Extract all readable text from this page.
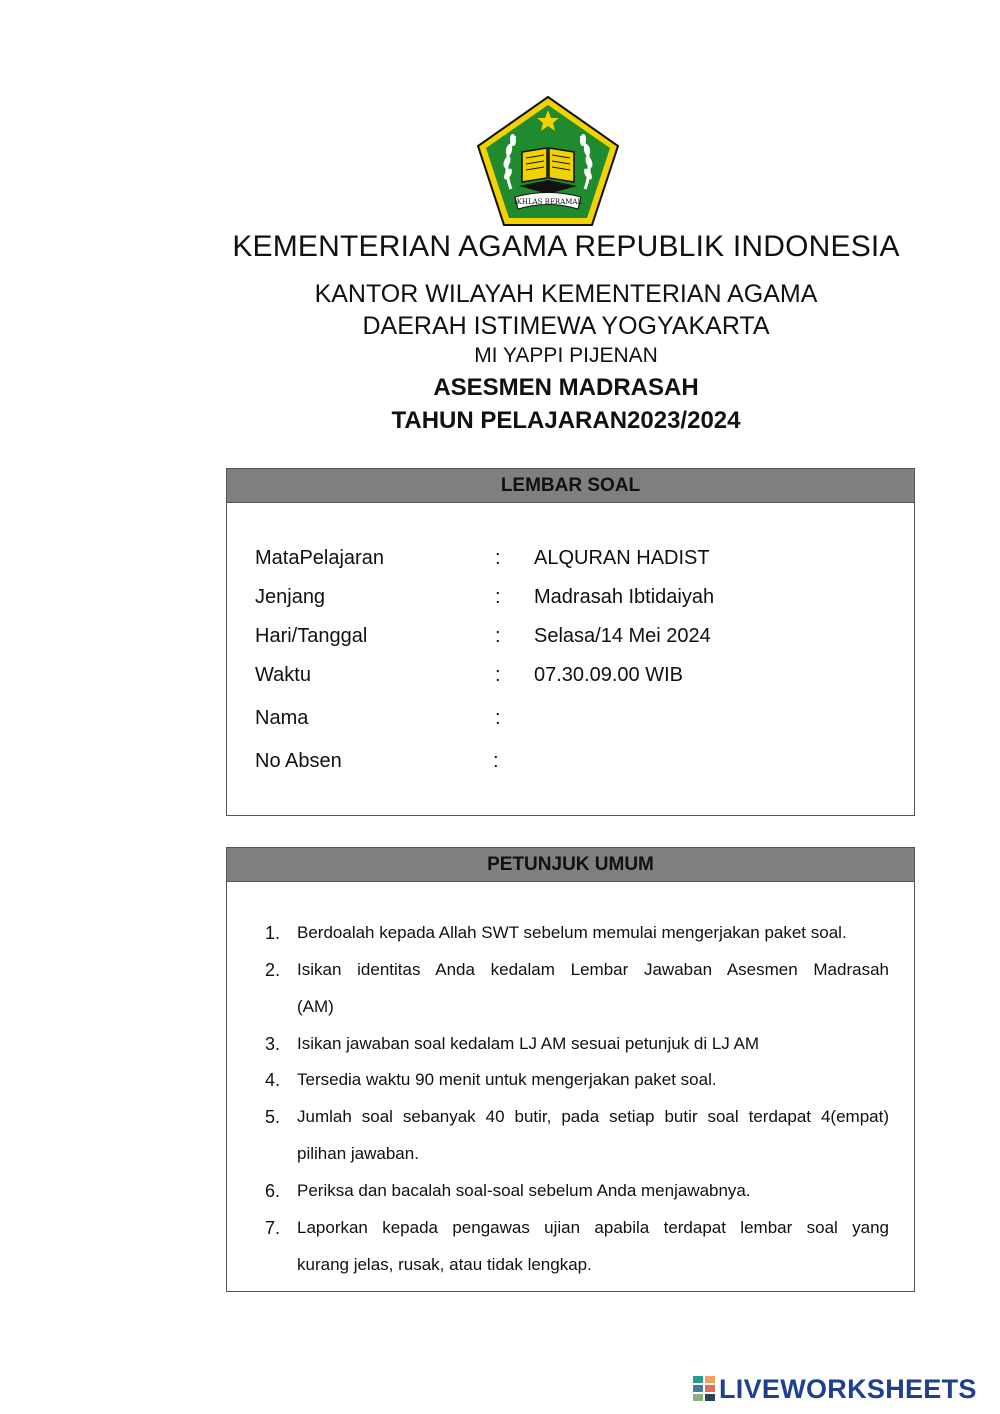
IKHLAS BERAMAL
KEMENTERIAN AGAMA REPUBLIK INDONESIA
KANTOR WILAYAH KEMENTERIAN AGAMA
DAERAH ISTIMEWA YOGYAKARTA
MI YAPPI PIJENAN
ASESMEN MADRASAH
TAHUN PELAJARAN2023/2024
LEMBAR SOAL
MataPelajaran	: ALQURAN HADIST
Jenjang	: Madrasah Ibtidaiyah
Hari/Tanggal	: Selasa/14 Mei 2024
Waktu	: 07.30.09.00 WIB
Nama	:
No Absen	:
PETUNJUK UMUM
1. Berdoalah kepada Allah SWT sebelum memulai mengerjakan paket soal.
2. Isikan identitas Anda kedalam Lembar Jawaban Asesmen Madrasah
(AM)
3. Isikan jawaban soal kedalam LJ AM sesuai petunjuk di LJ AM
4. Tersedia waktu 90 menit untuk mengerjakan paket soal.
5. Jumlah soal sebanyak 40 butir, pada setiap butir soal terdapat 4(empat)
pilihan jawaban.
6. Periksa dan bacalah soal-soal sebelum Anda menjawabnya.
7. Laporkan kepada pengawas ujian apabila terdapat lembar soal yang
kurang jelas, rusak, atau tidak lengkap.
LIVEWORKSHEETS
